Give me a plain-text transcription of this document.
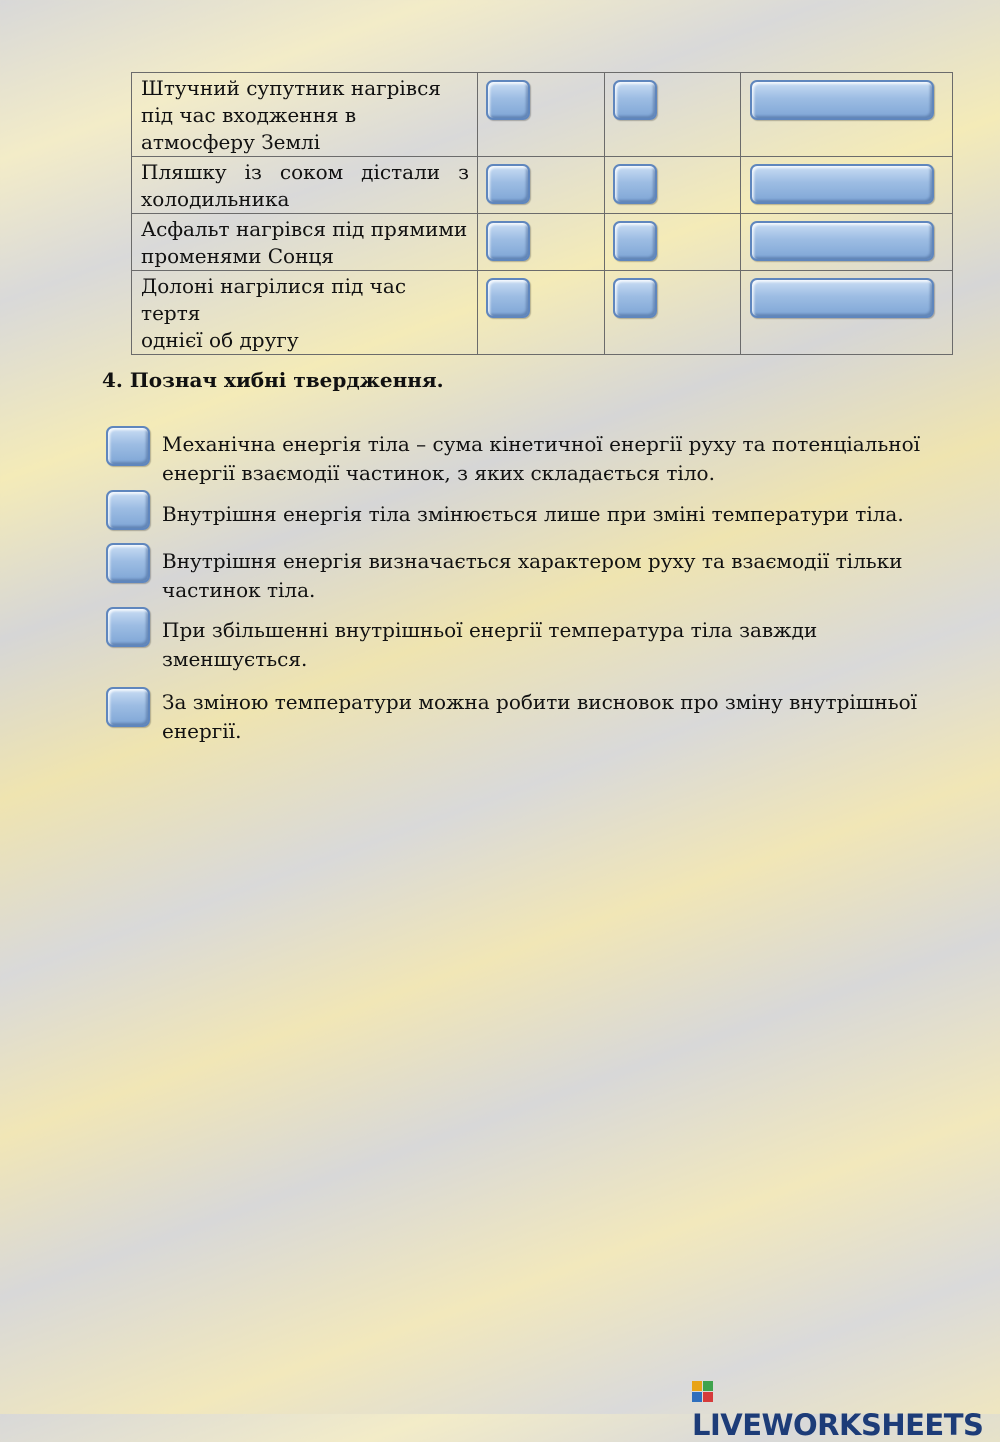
Штучний супутник нагрівся
під час входження в
атмосферу Землі			

Пляшку із соком дістали з
холодильника			

Асфальт нагрівся під прямими
променями Сонця			

Долоні нагрілися під час тертя
однієї об другу			

4. Познач хибні твердження.
Механічна енергія тіла – сума кінетичної енергії руху та потенціальної
енергії взаємодії частинок, з яких складається тіло.
Внутрішня енергія тіла змінюється лише при зміні температури тіла.
Внутрішня енергія визначається характером руху та взаємодії тільки
частинок тіла.
При збільшенні внутрішньої енергії температура тіла завжди
зменшується.
За зміною температури можна робити висновок про зміну внутрішньої
енергії.
LIVEWORKSHEETS
